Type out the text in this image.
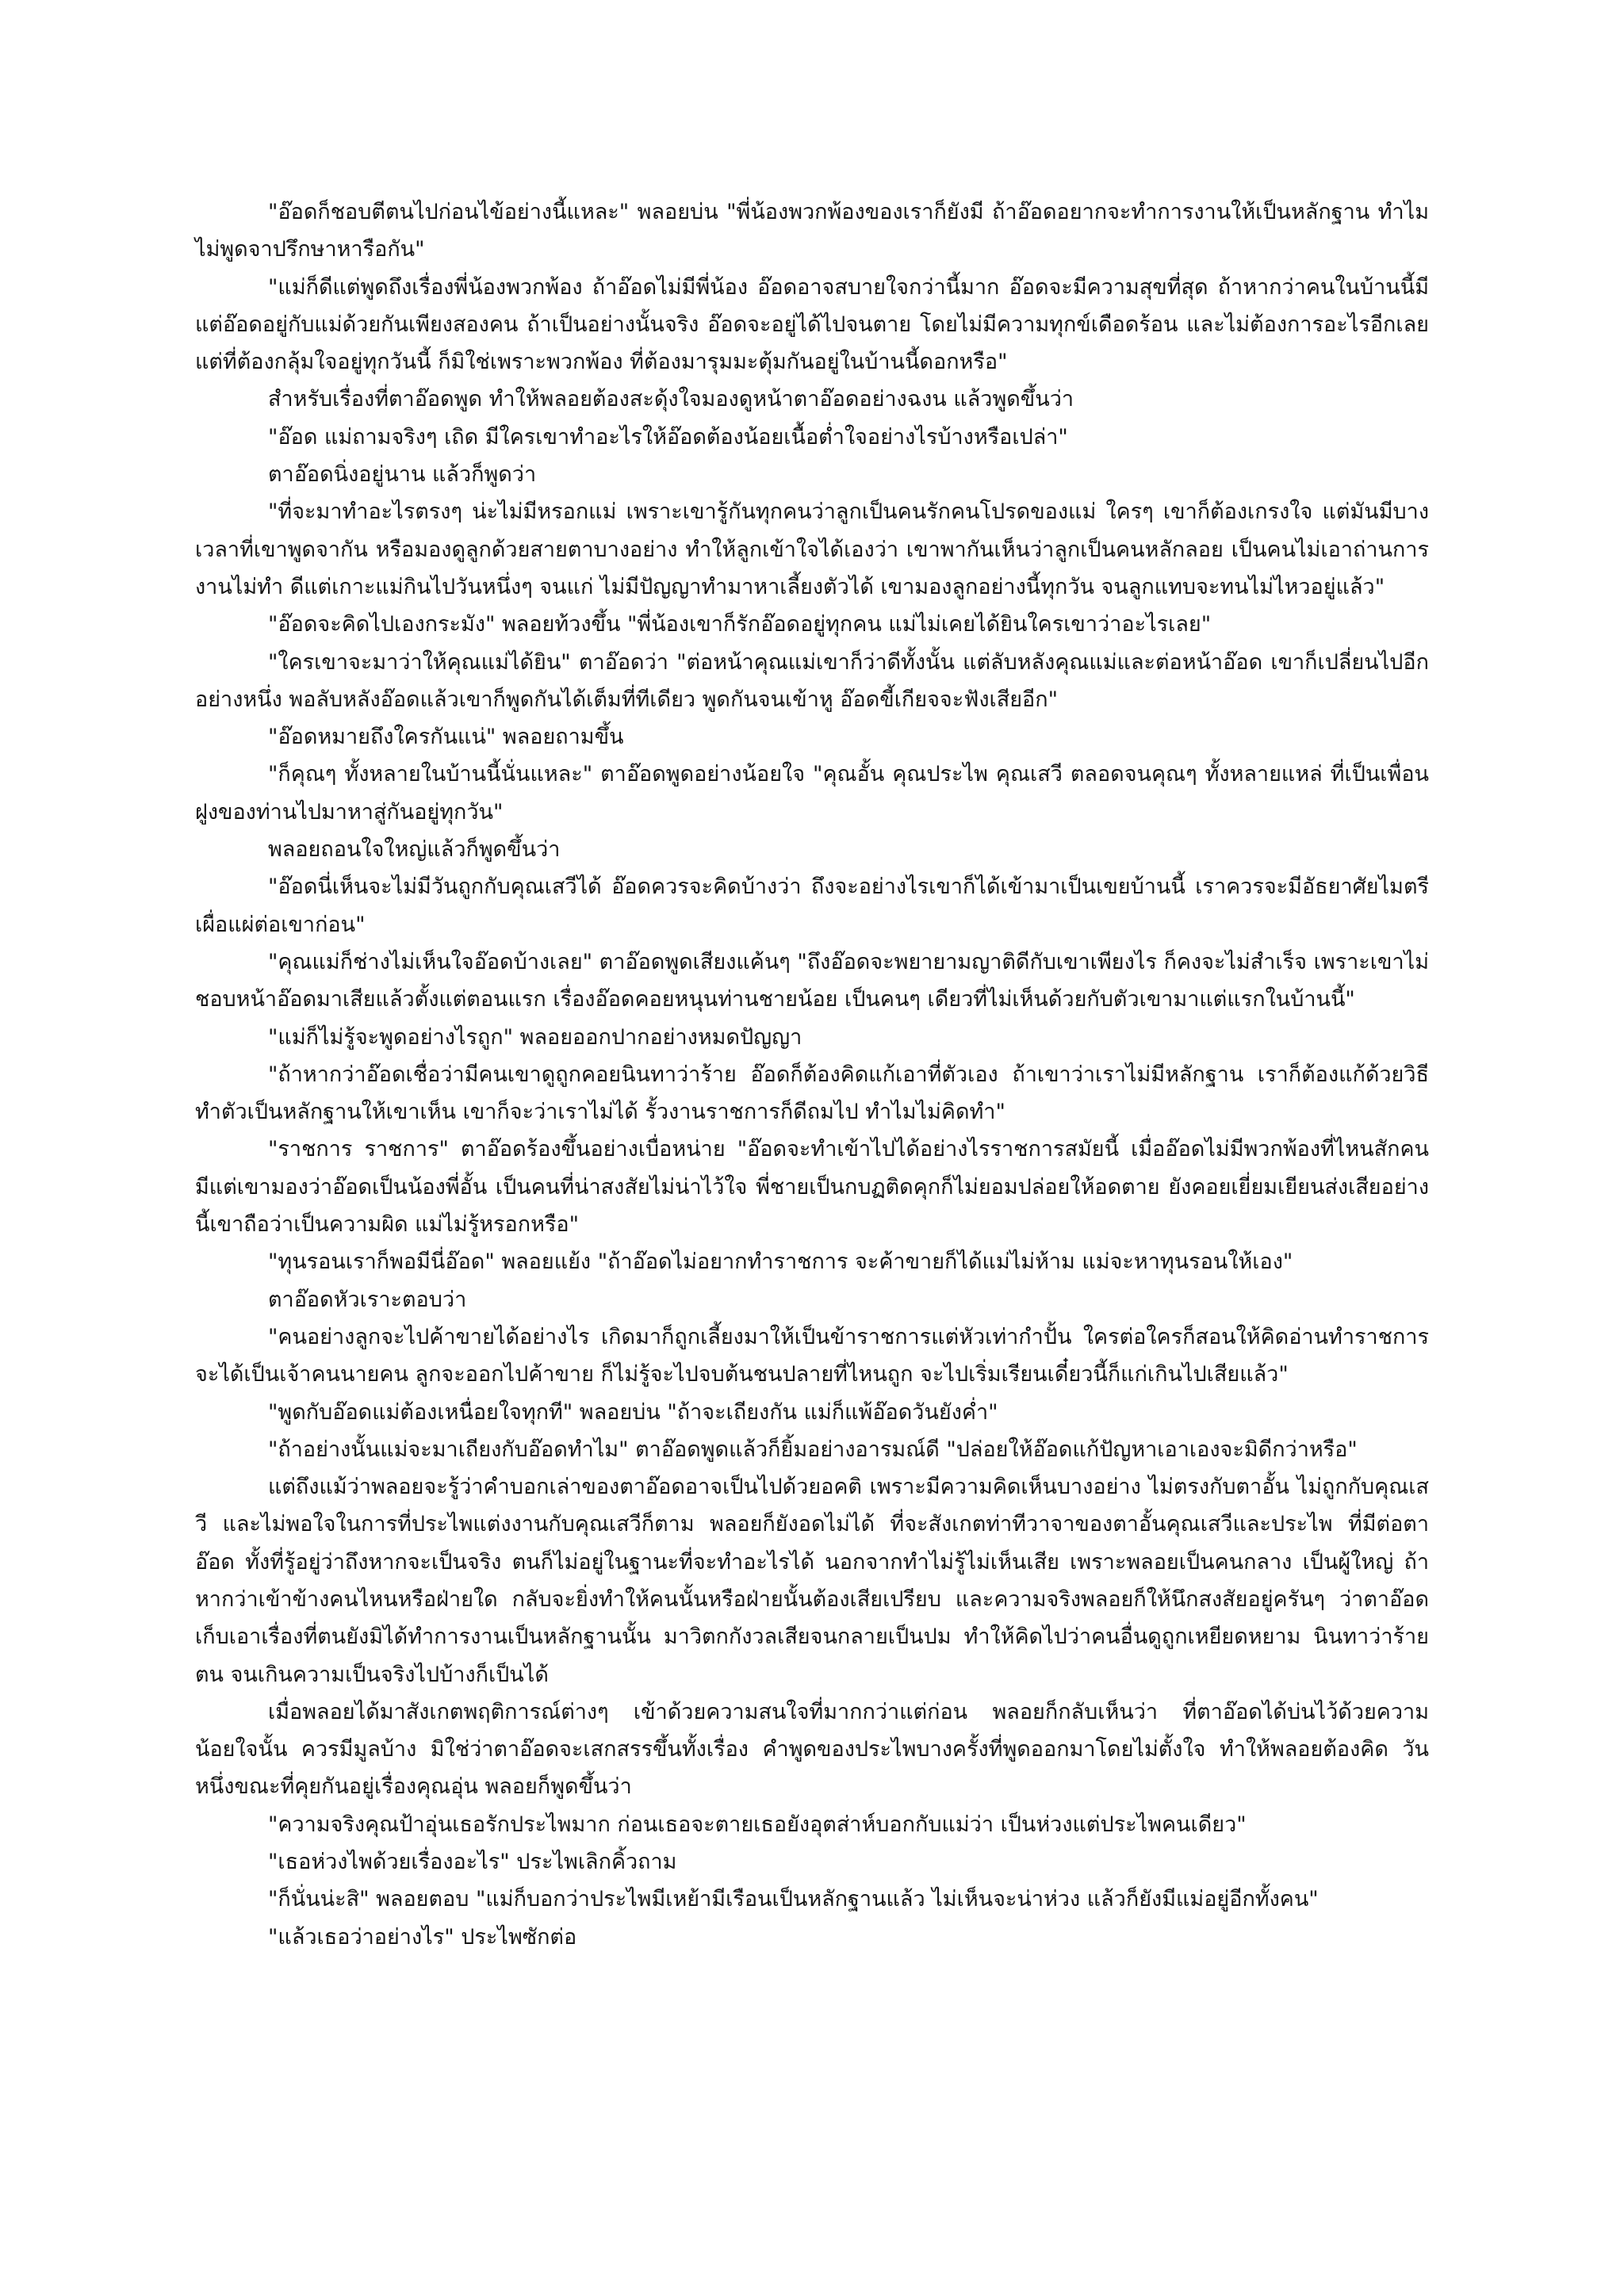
"อ๊อดก็ชอบตีตนไปก่อนไข้อย่างนี้แหละ" พลอยบ่น "พี่น้องพวกพ้องของเราก็ยังมี ถ้าอ๊อดอยากจะทำการงานให้เป็นหลักฐาน ทำไมไม่พูดจาปรึกษาหารือกัน"

"แม่ก็ดีแต่พูดถึงเรื่องพี่น้องพวกพ้อง ถ้าอ๊อดไม่มีพี่น้อง อ๊อดอาจสบายใจกว่านี้มาก อ๊อดจะมีความสุขที่สุด ถ้าหากว่าคนในบ้านนี้มีแต่อ๊อดอยู่กับแม่ด้วยกันเพียงสองคน ถ้าเป็นอย่างนั้นจริง อ๊อดจะอยู่ได้ไปจนตาย โดยไม่มีความทุกข์เดือดร้อน และไม่ต้องการอะไรอีกเลย แต่ที่ต้องกลุ้มใจอยู่ทุกวันนี้ ก็มิใช่เพราะพวกพ้อง ที่ต้องมารุมมะตุ้มกันอยู่ในบ้านนี้ดอกหรือ"

สำหรับเรื่องที่ตาอ๊อดพูด ทำให้พลอยต้องสะดุ้งใจมองดูหน้าตาอ๊อดอย่างฉงน แล้วพูดขึ้นว่า

"อ๊อด แม่ถามจริงๆ เถิด มีใครเขาทำอะไรให้อ๊อดต้องน้อยเนื้อต่ำใจอย่างไรบ้างหรือเปล่า"

ตาอ๊อดนิ่งอยู่นาน แล้วก็พูดว่า

"ที่จะมาทำอะไรตรงๆ น่ะไม่มีหรอกแม่ เพราะเขารู้กันทุกคนว่าลูกเป็นคนรักคนโปรดของแม่ ใครๆ เขาก็ต้องเกรงใจ แต่มันมีบางเวลาที่เขาพูดจากัน หรือมองดูลูกด้วยสายตาบางอย่าง ทำให้ลูกเข้าใจได้เองว่า เขาพากันเห็นว่าลูกเป็นคนหลักลอย เป็นคนไม่เอาถ่านการงานไม่ทำ ดีแต่เกาะแม่กินไปวันหนึ่งๆ จนแก่ ไม่มีปัญญาทำมาหาเลี้ยงตัวได้ เขามองลูกอย่างนี้ทุกวัน จนลูกแทบจะทนไม่ไหวอยู่แล้ว"

"อ๊อดจะคิดไปเองกระมัง" พลอยท้วงขึ้น "พี่น้องเขาก็รักอ๊อดอยู่ทุกคน แม่ไม่เคยได้ยินใครเขาว่าอะไรเลย"

"ใครเขาจะมาว่าให้คุณแม่ได้ยิน" ตาอ๊อดว่า "ต่อหน้าคุณแม่เขาก็ว่าดีทั้งนั้น แต่ลับหลังคุณแม่และต่อหน้าอ๊อด เขาก็เปลี่ยนไปอีกอย่างหนึ่ง พอลับหลังอ๊อดแล้วเขาก็พูดกันได้เต็มที่ทีเดียว พูดกันจนเข้าหู อ๊อดขี้เกียจจะฟังเสียอีก"

"อ๊อดหมายถึงใครกันแน่" พลอยถามขึ้น

"ก็คุณๆ ทั้งหลายในบ้านนี้นั่นแหละ" ตาอ๊อดพูดอย่างน้อยใจ "คุณอั้น คุณประไพ คุณเสวี ตลอดจนคุณๆ ทั้งหลายแหล่ ที่เป็นเพื่อนฝูงของท่านไปมาหาสู่กันอยู่ทุกวัน"

พลอยถอนใจใหญ่แล้วก็พูดขึ้นว่า

"อ๊อดนี่เห็นจะไม่มีวันถูกกับคุณเสวีได้ อ๊อดควรจะคิดบ้างว่า ถึงจะอย่างไรเขาก็ได้เข้ามาเป็นเขยบ้านนี้ เราควรจะมีอัธยาศัยไมตรี เผื่อแผ่ต่อเขาก่อน"

"คุณแม่ก็ช่างไม่เห็นใจอ๊อดบ้างเลย" ตาอ๊อดพูดเสียงแค้นๆ "ถึงอ๊อดจะพยายามญาติดีกับเขาเพียงไร ก็คงจะไม่สำเร็จ เพราะเขาไม่ชอบหน้าอ๊อดมาเสียแล้วตั้งแต่ตอนแรก เรื่องอ๊อดคอยหนุนท่านชายน้อย เป็นคนๆ เดียวที่ไม่เห็นด้วยกับตัวเขามาแต่แรกในบ้านนี้"

"แม่ก็ไม่รู้จะพูดอย่างไรถูก" พลอยออกปากอย่างหมดปัญญา

"ถ้าหากว่าอ๊อดเชื่อว่ามีคนเขาดูถูกคอยนินทาว่าร้าย อ๊อดก็ต้องคิดแก้เอาที่ตัวเอง ถ้าเขาว่าเราไม่มีหลักฐาน เราก็ต้องแก้ด้วยวิธีทำตัวเป็นหลักฐานให้เขาเห็น เขาก็จะว่าเราไม่ได้ รั้วงานราชการก็ดีถมไป ทำไมไม่คิดทำ"

"ราชการ ราชการ" ตาอ๊อดร้องขึ้นอย่างเบื่อหน่าย "อ๊อดจะทำเข้าไปได้อย่างไรราชการสมัยนี้ เมื่ออ๊อดไม่มีพวกพ้องที่ไหนสักคน มีแต่เขามองว่าอ๊อดเป็นน้องพี่อั้น เป็นคนที่น่าสงสัยไม่น่าไว้ใจ พี่ชายเป็นกบฏติดคุกก็ไม่ยอมปล่อยให้อดตาย ยังคอยเยี่ยมเยียนส่งเสียอย่างนี้เขาถือว่าเป็นความผิด แม่ไม่รู้หรอกหรือ"

"ทุนรอนเราก็พอมีนี่อ๊อด" พลอยแย้ง "ถ้าอ๊อดไม่อยากทำราชการ จะค้าขายก็ได้แม่ไม่ห้าม แม่จะหาทุนรอนให้เอง"

ตาอ๊อดหัวเราะตอบว่า

"คนอย่างลูกจะไปค้าขายได้อย่างไร เกิดมาก็ถูกเลี้ยงมาให้เป็นข้าราชการแต่หัวเท่ากำปั้น ใครต่อใครก็สอนให้คิดอ่านทำราชการ จะได้เป็นเจ้าคนนายคน ลูกจะออกไปค้าขาย ก็ไม่รู้จะไปจบต้นชนปลายที่ไหนถูก จะไปเริ่มเรียนเดี๋ยวนี้ก็แก่เกินไปเสียแล้ว"

"พูดกับอ๊อดแม่ต้องเหนื่อยใจทุกที" พลอยบ่น "ถ้าจะเถียงกัน แม่ก็แพ้อ๊อดวันยังค่ำ"

"ถ้าอย่างนั้นแม่จะมาเถียงกับอ๊อดทำไม" ตาอ๊อดพูดแล้วก็ยิ้มอย่างอารมณ์ดี "ปล่อยให้อ๊อดแก้ปัญหาเอาเองจะมิดีกว่าหรือ"

แต่ถึงแม้ว่าพลอยจะรู้ว่าคำบอกเล่าของตาอ๊อดอาจเป็นไปด้วยอคติ เพราะมีความคิดเห็นบางอย่าง ไม่ตรงกับตาอั้น ไม่ถูกกับคุณเสวี และไม่พอใจในการที่ประไพแต่งงานกับคุณเสวีก็ตาม พลอยก็ยังอดไม่ได้ ที่จะสังเกตท่าทีวาจาของตาอั้นคุณเสวีและประไพ ที่มีต่อตาอ๊อด ทั้งที่รู้อยู่ว่าถึงหากจะเป็นจริง ตนก็ไม่อยู่ในฐานะที่จะทำอะไรได้ นอกจากทำไม่รู้ไม่เห็นเสีย เพราะพลอยเป็นคนกลาง เป็นผู้ใหญ่ ถ้าหากว่าเข้าข้างคนไหนหรือฝ่ายใด กลับจะยิ่งทำให้คนนั้นหรือฝ่ายนั้นต้องเสียเปรียบ และความจริงพลอยก็ให้นึกสงสัยอยู่ครันๆ ว่าตาอ๊อดเก็บเอาเรื่องที่ตนยังมิได้ทำการงานเป็นหลักฐานนั้น มาวิตกกังวลเสียจนกลายเป็นปม ทำให้คิดไปว่าคนอื่นดูถูกเหยียดหยาม นินทาว่าร้ายตน จนเกินความเป็นจริงไปบ้างก็เป็นได้

เมื่อพลอยได้มาสังเกตพฤติการณ์ต่างๆ เข้าด้วยความสนใจที่มากกว่าแต่ก่อน พลอยก็กลับเห็นว่า ที่ตาอ๊อดได้บ่นไว้ด้วยความน้อยใจนั้น ควรมีมูลบ้าง มิใช่ว่าตาอ๊อดจะเสกสรรขึ้นทั้งเรื่อง คำพูดของประไพบางครั้งที่พูดออกมาโดยไม่ตั้งใจ ทำให้พลอยต้องคิด วันหนึ่งขณะที่คุยกันอยู่เรื่องคุณอุ่น พลอยก็พูดขึ้นว่า

"ความจริงคุณป้าอุ่นเธอรักประไพมาก ก่อนเธอจะตายเธอยังอุตส่าห์บอกกับแม่ว่า เป็นห่วงแต่ประไพคนเดียว"

"เธอห่วงไพด้วยเรื่องอะไร" ประไพเลิกคิ้วถาม

"ก็นั่นน่ะสิ" พลอยตอบ "แม่ก็บอกว่าประไพมีเหย้ามีเรือนเป็นหลักฐานแล้ว ไม่เห็นจะน่าห่วง แล้วก็ยังมีแม่อยู่อีกทั้งคน"

"แล้วเธอว่าอย่างไร" ประไพซักต่อ
